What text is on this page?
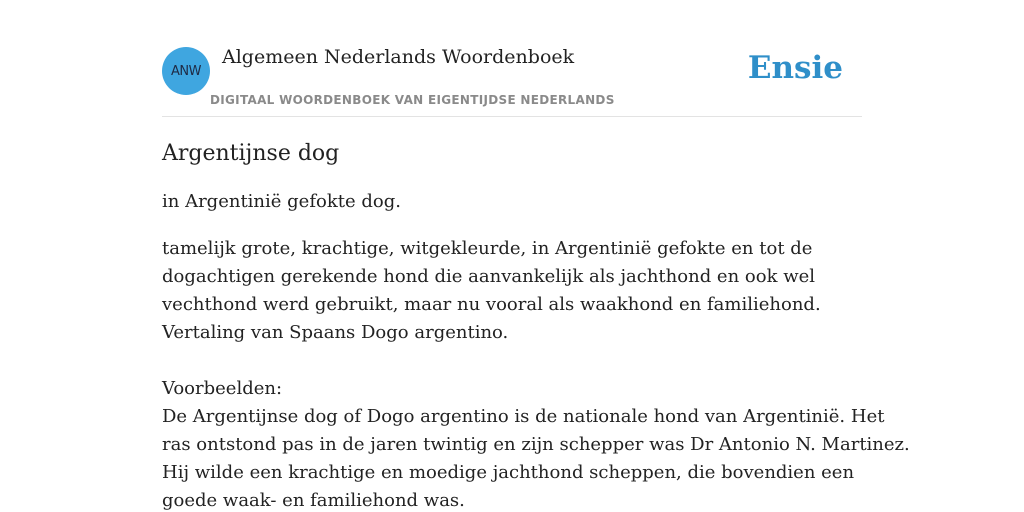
ANW
Algemeen Nederlands Woordenboek
DIGITAAL WOORDENBOEK VAN EIGENTIJDSE NEDERLANDS
Ensie
Argentijnse dog

in Argentinië gefokte dog.

tamelijk grote, krachtige, witgekleurde, in Argentinië gefokte en tot de
dogachtigen gerekende hond die aanvankelijk als jachthond en ook wel
vechthond werd gebruikt, maar nu vooral als waakhond en familiehond.
Vertaling van Spaans Dogo argentino.
Voorbeelden:
De Argentijnse dog of Dogo argentino is de nationale hond van Argentinië. Het
ras ontstond pas in de jaren twintig en zijn schepper was Dr Antonio N. Martinez.
Hij wilde een krachtige en moedige jachthond scheppen, die bovendien een
goede waak- en familiehond was.
